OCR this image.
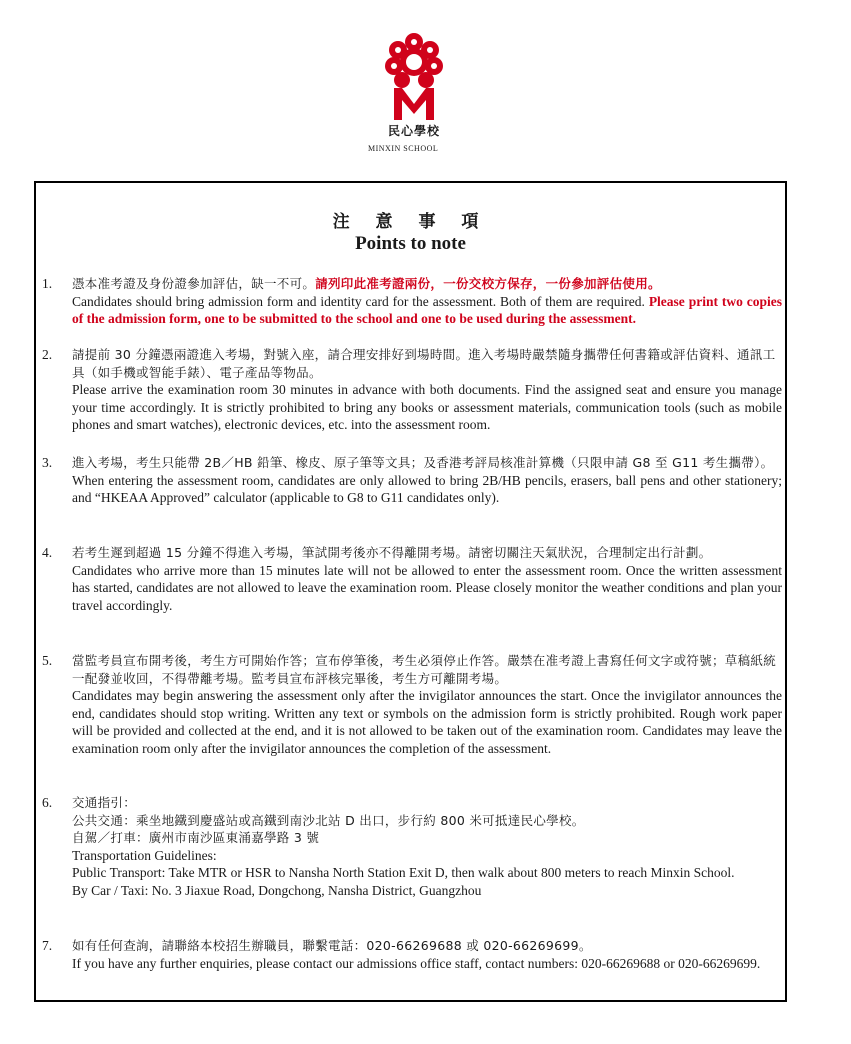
民心學校
MINXIN SCHOOL
注 意 事 項
Points to note
1. 憑本准考證及身份證參加評估，缺一不可。請列印此准考證兩份，一份交校方保存，一份參加評估使用。
Candidates should bring admission form and identity card for the assessment. Both of them are required. Please print two copies of the admission form, one to be submitted to the school and one to be used during the assessment.
2. 請提前 30 分鐘憑兩證進入考場，對號入座，請合理安排好到場時間。進入考場時嚴禁隨身攜帶任何書籍或評估資料、通訊工具（如手機或智能手錶）、電子產品等物品。
Please arrive the examination room 30 minutes in advance with both documents. Find the assigned seat and ensure you manage your time accordingly. It is strictly prohibited to bring any books or assessment materials, communication tools (such as mobile phones and smart watches), electronic devices, etc. into the assessment room.
3. 進入考場，考生只能帶 2B／HB 鉛筆、橡皮、原子筆等文具；及香港考評局核准計算機（只限申請 G8 至 G11 考生攜帶）。
When entering the assessment room, candidates are only allowed to bring 2B/HB pencils, erasers, ball pens and other stationery; and “HKEAA Approved” calculator (applicable to G8 to G11 candidates only).
4. 若考生遲到超過 15 分鐘不得進入考場，筆試開考後亦不得離開考場。請密切關注天氣狀況，合理制定出行計劃。
Candidates who arrive more than 15 minutes late will not be allowed to enter the assessment room. Once the written assessment has started, candidates are not allowed to leave the examination room. Please closely monitor the weather conditions and plan your travel accordingly.
5. 當監考員宣布開考後，考生方可開始作答；宣布停筆後，考生必須停止作答。嚴禁在准考證上書寫任何文字或符號；草稿紙統一配發並收回，不得帶離考場。監考員宣布評核完畢後，考生方可離開考場。
Candidates may begin answering the assessment only after the invigilator announces the start. Once the invigilator announces the end, candidates should stop writing. Written any text or symbols on the admission form is strictly prohibited. Rough work paper will be provided and collected at the end, and it is not allowed to be taken out of the examination room. Candidates may leave the examination room only after the invigilator announces the completion of the assessment.
6. 交通指引：
公共交通：乘坐地鐵到慶盛站或高鐵到南沙北站 D 出口，步行約 800 米可抵達民心學校。
自駕／打車：廣州市南沙區東涌嘉學路 3 號
Transportation Guidelines:
Public Transport: Take MTR or HSR to Nansha North Station Exit D, then walk about 800 meters to reach Minxin School.
By Car / Taxi: No. 3 Jiaxue Road, Dongchong, Nansha District, Guangzhou
7. 如有任何查詢，請聯絡本校招生辦職員，聯繫電話：020-66269688 或 020-66269699。
If you have any further enquiries, please contact our admissions office staff, contact numbers: 020-66269688 or 020-66269699.
